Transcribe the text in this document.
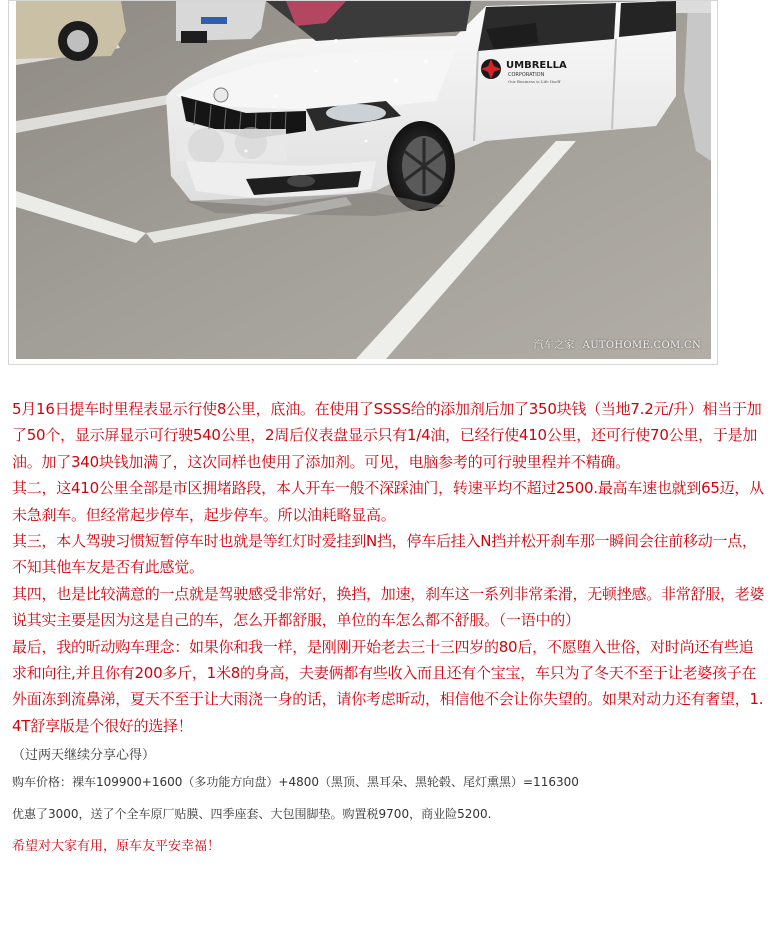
UMBRELLA
CORPORATION
Our Business is Life Itself
汽车之家 AUTOHOME.COM.CN

5月16日提车时里程表显示行使8公里，底油。在使用了SSSS给的添加剂后加了350块钱（当地7.2元/升）相当于加了50个，显示屏显示可行驶540公里，2周后仪表盘显示只有1/4油，已经行使410公里，还可行使70公里，于是加油。加了340块钱加满了，这次同样也使用了添加剂。可见，电脑参考的可行驶里程并不精确。

其二，这410公里全部是市区拥堵路段，本人开车一般不深踩油门，转速平均不超过2500.最高车速也就到65迈，从未急刹车。但经常起步停车，起步停车。所以油耗略显高。

其三，本人驾驶习惯短暂停车时也就是等红灯时爱挂到N挡，停车后挂入N挡并松开刹车那一瞬间会往前移动一点，不知其他车友是否有此感觉。

其四，也是比较满意的一点就是驾驶感受非常好，换挡，加速，刹车这一系列非常柔滑，无顿挫感。非常舒服，老婆说其实主要是因为这是自己的车，怎么开都舒服，单位的车怎么都不舒服。（一语中的）

最后，我的昕动购车理念：如果你和我一样，是刚刚开始老去三十三四岁的80后，不愿堕入世俗，对时尚还有些追求和向往,并且你有200多斤，1米8的身高，夫妻俩都有些收入而且还有个宝宝，车只为了冬天不至于让老婆孩子在外面冻到流鼻涕，夏天不至于让大雨浇一身的话，请你考虑昕动，相信他不会让你失望的。如果对动力还有奢望，1.4T舒享版是个很好的选择！

（过两天继续分享心得）

购车价格：裸车109900+1600（多功能方向盘）+4800（黑顶、黑耳朵、黑轮毂、尾灯熏黑）=116300

优惠了3000，送了个全车原厂贴膜、四季座套、大包围脚垫。购置税9700，商业险5200.

希望对大家有用，原车友平安幸福！
